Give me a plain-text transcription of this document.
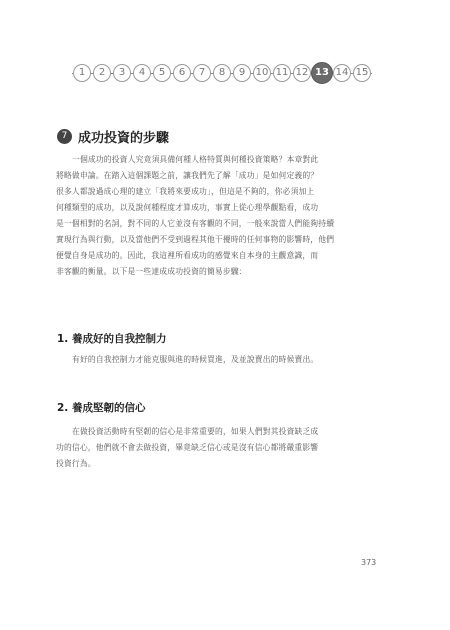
1	2	3	4	5	6	7	8	9	10 11 12 13 14 15
7 成功投資的步驟

一個成功的投資人究竟須具備何種人格特質與何種投資策略？本章對此
將略做申論。在踏入這個課題之前，讓我們先了解「成功」是如何定義的？
很多人都說過成心理的建立「我將來要成功」，但這是不夠的，你必須加上
何種類型的成功，以及說何種程度才算成功，事實上從心理學觀點看，成功
是一個相對的名詞，對不同的人它並沒有客觀的不同，一般來說當人們能夠持續
實現行為與行動，以及當他們不受到過程其他干擾時的任何事物的影響時，他們
便覺自身是成功的。因此，我這裡所看成功的感覺來自本身的主觀意識，而
非客觀的衡量。以下是一些達成成功投資的簡易步驟：

1. 養成好的自我控制力

有好的自我控制力才能克服與進的時候買進，及並說賣出的時候賣出。

2. 養成堅韌的信心

在做投資活動時有堅韌的信心是非常重要的，如果人們對其投資缺乏成
功的信心，他們就不會去做投資，畢竟缺乏信心或是沒有信心都將嚴重影響
投資行為。

373
